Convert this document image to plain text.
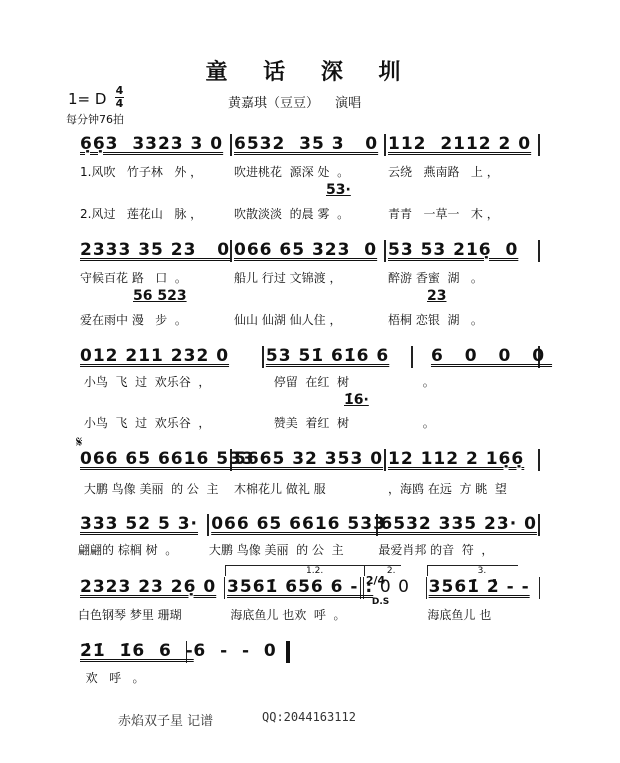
童 话 深 圳
1= D 4
4	黄嘉琪（豆豆） 演唱
每分钟76拍
6̣6̣3  3323 3 0 6532  35 3   0 112  2112 2 0
1.风吹   竹子林   外 ，	吹进桃花  源深 处  。	云绕   燕南路   上 ，
53·
2.风过   莲花山   脉 ，	吹散淡淡  的晨 雾  。	青青   一草一   木 ，
2333 35 23   0 066 65 323  0 53 53 216̣  0
守候百花 路   口  。	船儿 行过 文锦渡 ，	醉游 香蜜  湖   。
56 523	23
爱在雨中 漫   步  。	仙山 仙湖 仙人住 ，	梧桐 恋银  湖   。
012 211 232 0 53 51̇ 61̇6 6 6 0 0 0
小鸟  飞  过  欢乐谷  ，	停留  在红  树	。
1̇6·
小鸟  飞  过  欢乐谷  ，	赞美  着红  树	。
𝄋
066 65 6616 533
5665 32 353 0 12 112 2 16̣6̣
大鹏 鸟像 美丽  的 公  主	木棉花儿 做礼 服	，海鸥 在远  方 眺  望
333 52 5 3· 066 65 6616 533
6532 335 23· 0
翩翩的 棕榈 树  。	大鹏 鸟像 美丽  的 公  主	最爱肖邦 的音  符  ，
2323 23 26̣ 0
1.2.
3561̇ 656 6 - :
2.
2/4
0 0
D.S
3.
3561̇ 2̇ - -
白色钢琴 梦里 珊瑚	海底鱼儿 也欢  呼  。	海底鱼儿 也
2̇1̇  1̇6  6  - 6  -  -  0
欢   呼   。
赤焰双子星 记谱	QQ:2044163112
